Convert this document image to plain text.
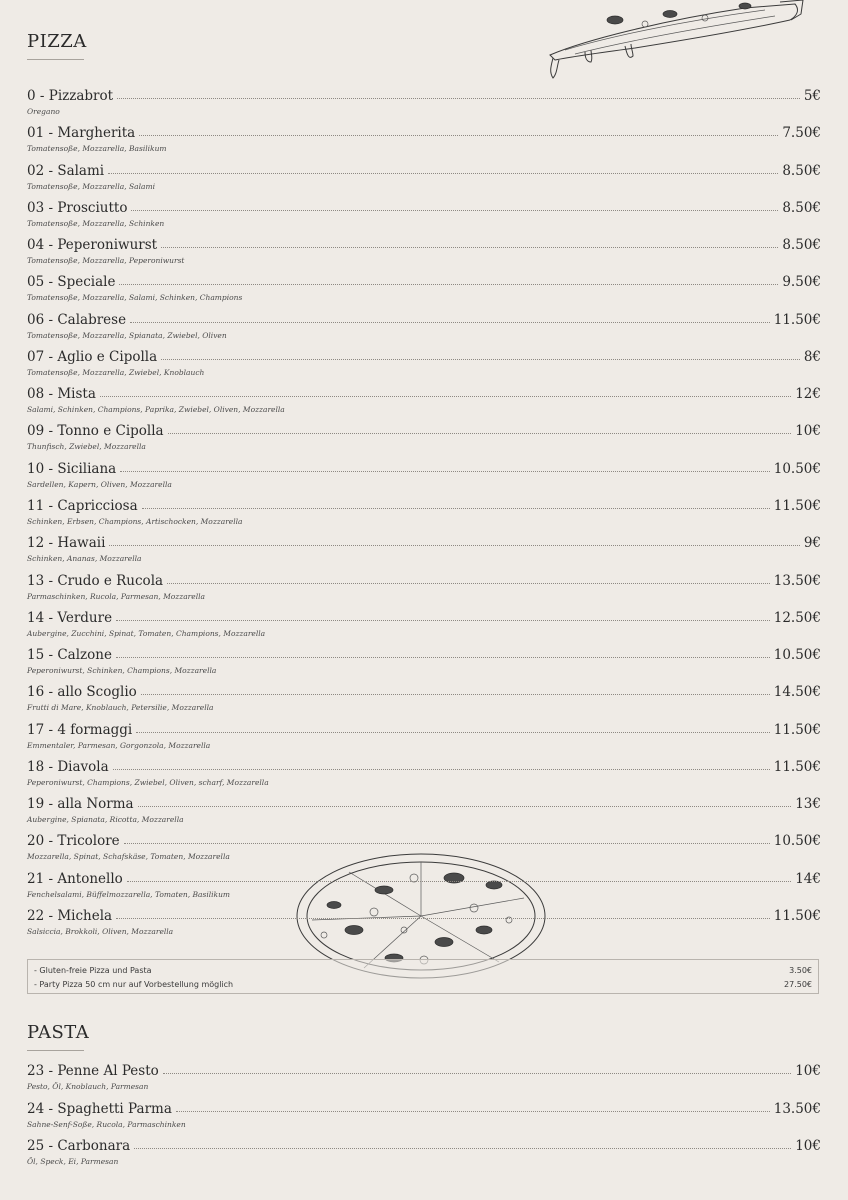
PIZZA
0 - Pizzabrot	5€
Oregano
01 - Margherita	7.50€
Tomatensoße, Mozzarella, Basilikum
02 - Salami	8.50€
Tomatensoße, Mozzarella, Salami
03 - Prosciutto	8.50€
Tomatensoße, Mozzarella, Schinken
04 - Peperoniwurst	8.50€
Tomatensoße, Mozzarella, Peperoniwurst
05 - Speciale	9.50€
Tomatensoße, Mozzarella, Salami, Schinken, Champions
06 - Calabrese	11.50€
Tomatensoße, Mozzarella, Spianata, Zwiebel, Oliven
07 - Aglio e Cipolla	8€
Tomatensoße, Mozzarella, Zwiebel, Knoblauch
08 - Mista	12€
Salami, Schinken, Champions, Paprika, Zwiebel, Oliven, Mozzarella
09 - Tonno e Cipolla	10€
Thunfisch, Zwiebel, Mozzarella
10 - Siciliana	10.50€
Sardellen, Kapern, Oliven, Mozzarella
11 - Capricciosa	11.50€
Schinken, Erbsen, Champions, Artischocken, Mozzarella
12 - Hawaii	9€
Schinken, Ananas, Mozzarella
13 - Crudo e Rucola	13.50€
Parmaschinken, Rucola, Parmesan, Mozzarella
14 - Verdure	12.50€
Aubergine, Zucchini, Spinat, Tomaten, Champions, Mozzarella
15 - Calzone	10.50€
Peperoniwurst, Schinken, Champions, Mozzarella
16 - allo Scoglio	14.50€
Frutti di Mare, Knoblauch, Petersilie, Mozzarella
17 - 4 formaggi	11.50€
Emmentaler, Parmesan, Gorgonzola, Mozzarella
18 - Diavola	11.50€
Peperoniwurst, Champions, Zwiebel, Oliven, scharf, Mozzarella
19 - alla Norma	13€
Aubergine, Spianata, Ricotta, Mozzarella
20 - Tricolore	10.50€
Mozzarella, Spinat, Schafskäse, Tomaten, Mozzarella
21 - Antonello	14€
Fenchelsalami, Büffelmozzarella, Tomaten, Basilikum
22 - Michela	11.50€
Salsiccia, Brokkoli, Oliven, Mozzarella
- Gluten-freie Pizza und Pasta	3.50€
- Party Pizza 50 cm nur auf Vorbestellung möglich	27.50€
PASTA
23 - Penne Al Pesto	10€
Pesto, Öl, Knoblauch, Parmesan
24 - Spaghetti Parma	13.50€
Sahne-Senf-Soße, Rucola, Parmaschinken
25 - Carbonara	10€
Öl, Speck, Ei, Parmesan
